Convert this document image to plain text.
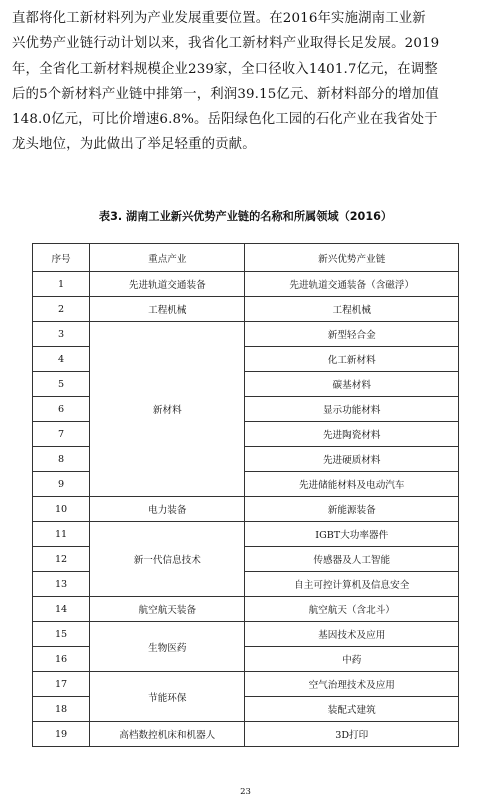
直都将化工新材料列为产业发展重要位置。在2016年实施湖南工业新
兴优势产业链行动计划以来，我省化工新材料产业取得长足发展。2019
年，全省化工新材料规模企业239家，全口径收入1401.7亿元，在调整
后的5个新材料产业链中排第一，利润39.15亿元、新材料部分的增加值
148.0亿元，可比价增速6.8%。岳阳绿色化工园的石化产业在我省处于
龙头地位，为此做出了举足轻重的贡献。
表3. 湖南工业新兴优势产业链的名称和所属领域（2016）
序号	重点产业	新兴优势产业链
1	先进轨道交通装备	先进轨道交通装备（含磁浮）
2	工程机械	工程机械
3	新材料	新型轻合金
4		化工新材料
5		碳基材料
6		显示功能材料
7		先进陶瓷材料
8		先进硬质材料
9		先进储能材料及电动汽车
10	电力装备	新能源装备
11	新一代信息技术	IGBT大功率器件
12		传感器及人工智能
13		自主可控计算机及信息安全
14	航空航天装备	航空航天（含北斗）
15	生物医药	基因技术及应用
16		中药
17	节能环保	空气治理技术及应用
18		装配式建筑
19	高档数控机床和机器人	3D打印
23
